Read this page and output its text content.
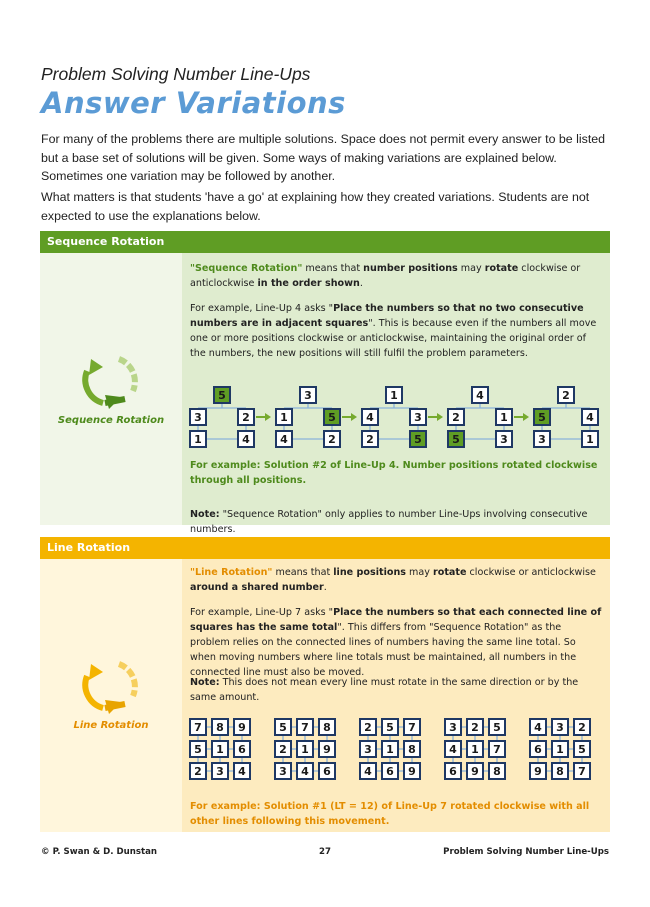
Problem Solving Number Line-Ups
Answer Variations
For many of the problems there are multiple solutions. Space does not permit every answer to be listed but a base set of solutions will be given. Some ways of making variations are explained below. Sometimes one variation may be followed by another.
What matters is that students 'have a go' at explaining how they created variations. Students are not expected to use the explanations below.
Sequence Rotation
Sequence Rotation
"Sequence Rotation" means that number positions may rotate clockwise or anticlockwise in the order shown.
For example, Line-Up 4 asks "Place the numbers so that no two consecutive numbers are in adjacent squares". This is because even if the numbers all move one or more positions clockwise or anticlockwise, maintaining the original order of the numbers, the new positions will still fulfil the problem parameters.
5
3	2
1	4
3
1	5
4	2
1
4	3
2	5
4
2	1
5	3
2
5	4
3	1
For example: Solution #2 of Line-Up 4. Number positions rotated clockwise through all positions.
Note: "Sequence Rotation" only applies to number Line-Ups involving consecutive numbers.
Line Rotation
Line Rotation
"Line Rotation" means that line positions may rotate clockwise or anticlockwise around a shared number.
For example, Line-Up 7 asks "Place the numbers so that each connected line of squares has the same total". This differs from "Sequence Rotation" as the problem relies on the connected lines of numbers having the same line total. So when moving numbers where line totals must be maintained, all numbers in the connected line must also be moved.
Note: This does not mean every line must rotate in the same direction or by the same amount.
7 8 9
5 1 6
2 3 4
5 7 8
2 1 9
3 4 6
2 5 7
3 1 8
4 6 9
3 2 5
4 1 7
6 9 8
4 3 2
6 1 5
9 8 7
For example: Solution #1 (LT = 12) of Line-Up 7 rotated clockwise with all other lines following this movement.
© P. Swan & D. Dunstan	27	Problem Solving Number Line-Ups
